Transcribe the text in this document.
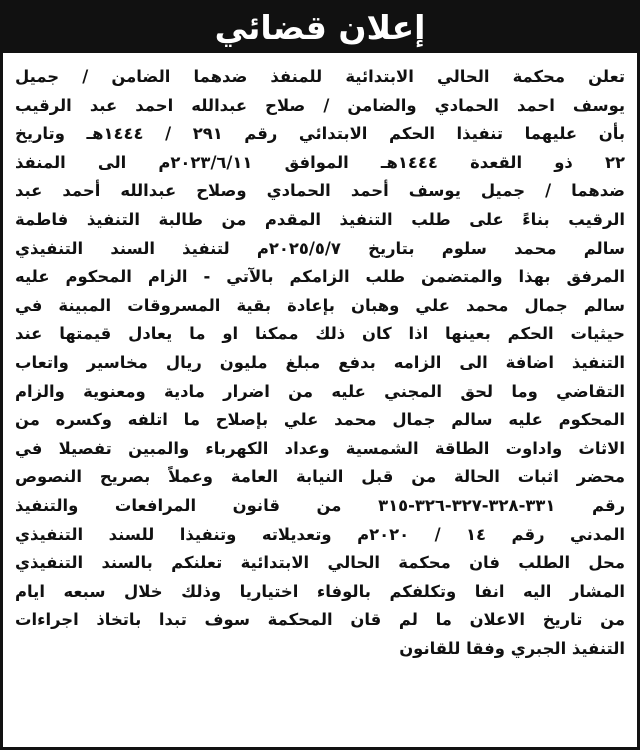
إعلان قضائي
تعلن محكمة الحالي الابتدائية للمنفذ ضدهما الضامن / جميل
يوسف احمد الحمادي والضامن / صلاح عبدالله احمد عبد الرقيب
بأن عليهما تنفيذا الحكم الابتدائي رقم ٢٩١ / ١٤٤٤هـ وتاريخ
٢٢ ذو القعدة ١٤٤٤هـ الموافق ٢٠٢٣/٦/١١م الى المنفذ
ضدهما / جميل يوسف أحمد الحمادي وصلاح عبدالله أحمد عبد
الرقيب بناءً على طلب التنفيذ المقدم من طالبة التنفيذ فاطمة
سالم محمد سلوم بتاريخ ٢٠٢٥/٥/٧م لتنفيذ السند التنفيذي
المرفق بهذا والمتضمن طلب الزامكم بالآتي - الزام المحكوم عليه
سالم جمال محمد علي وهبان بإعادة بقية المسروقات المبينة في
حيثيات الحكم بعينها اذا كان ذلك ممكنا او ما يعادل قيمتها عند
التنفيذ اضافة الى الزامه بدفع مبلغ مليون ريال مخاسير واتعاب
التقاضي وما لحق المجني عليه من اضرار مادية ومعنوية والزام
المحكوم عليه سالم جمال محمد علي بإصلاح ما اتلفه وكسره من
الاثاث واداوت الطاقة الشمسية وعداد الكهرباء والمبين تفصيلا في
محضر اثبات الحالة من قبل النيابة العامة وعملاً بصريح النصوص
رقم ٣٣١-٣٢٨-٣٢٧-٣٢٦-٣١٥ من قانون المرافعات والتنفيذ
المدني رقم ١٤ / ٢٠٢٠م وتعديلاته وتنفيذا للسند التنفيذي
محل الطلب فان محكمة الحالي الابتدائية تعلنكم بالسند التنفيذي
المشار اليه انفا وتكلفكم بالوفاء اختياريا وذلك خلال سبعه ايام
من تاريخ الاعلان ما لم قان المحكمة سوف تبدا باتخاذ اجراءات
التنفيذ الجبري وفقا للقانون
